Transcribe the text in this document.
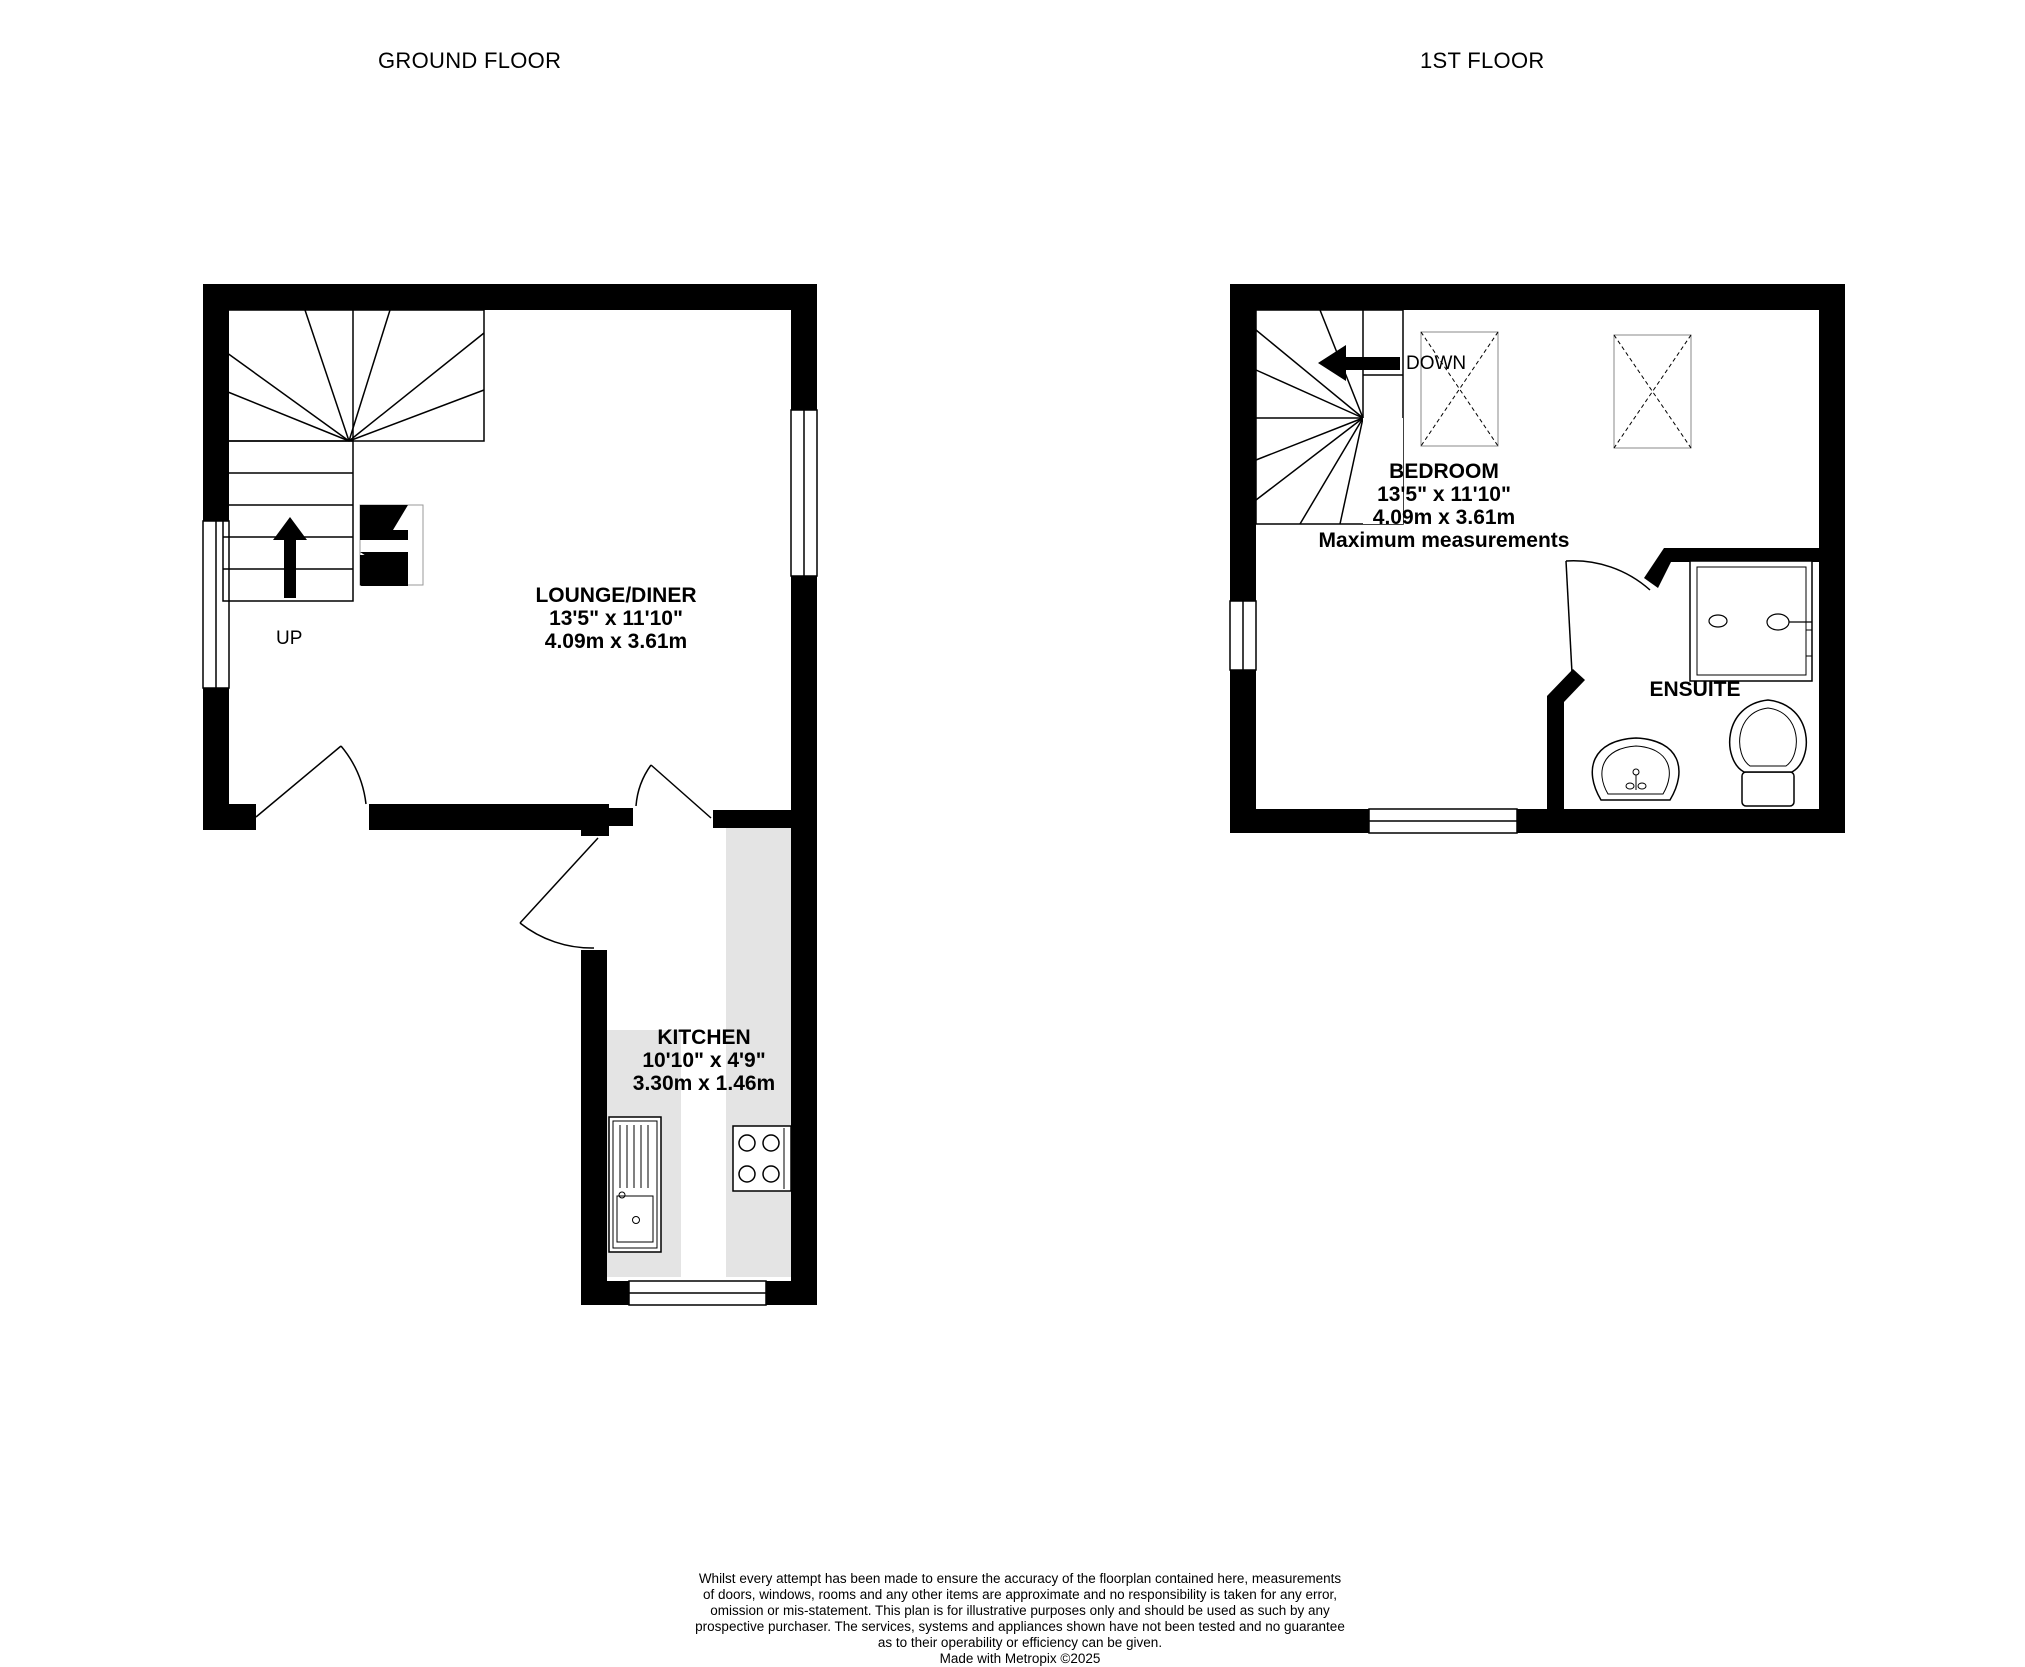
GROUND FLOOR	1ST FLOOR
LOUNGE/DINER
13'5" x 11'10"
4.09m x 3.61m
KITCHEN
10'10" x 4'9"
3.30m x 1.46m
BEDROOM
13'5" x 11'10"
4.09m x 3.61m
Maximum measurements
ENSUITE
UP
DOWN
Whilst every attempt has been made to ensure the accuracy of the floorplan contained here, measurements
of doors, windows, rooms and any other items are approximate and no responsibility is taken for any error,
omission or mis-statement. This plan is for illustrative purposes only and should be used as such by any
prospective purchaser. The services, systems and appliances shown have not been tested and no guarantee
as to their operability or efficiency can be given.
Made with Metropix ©2025
